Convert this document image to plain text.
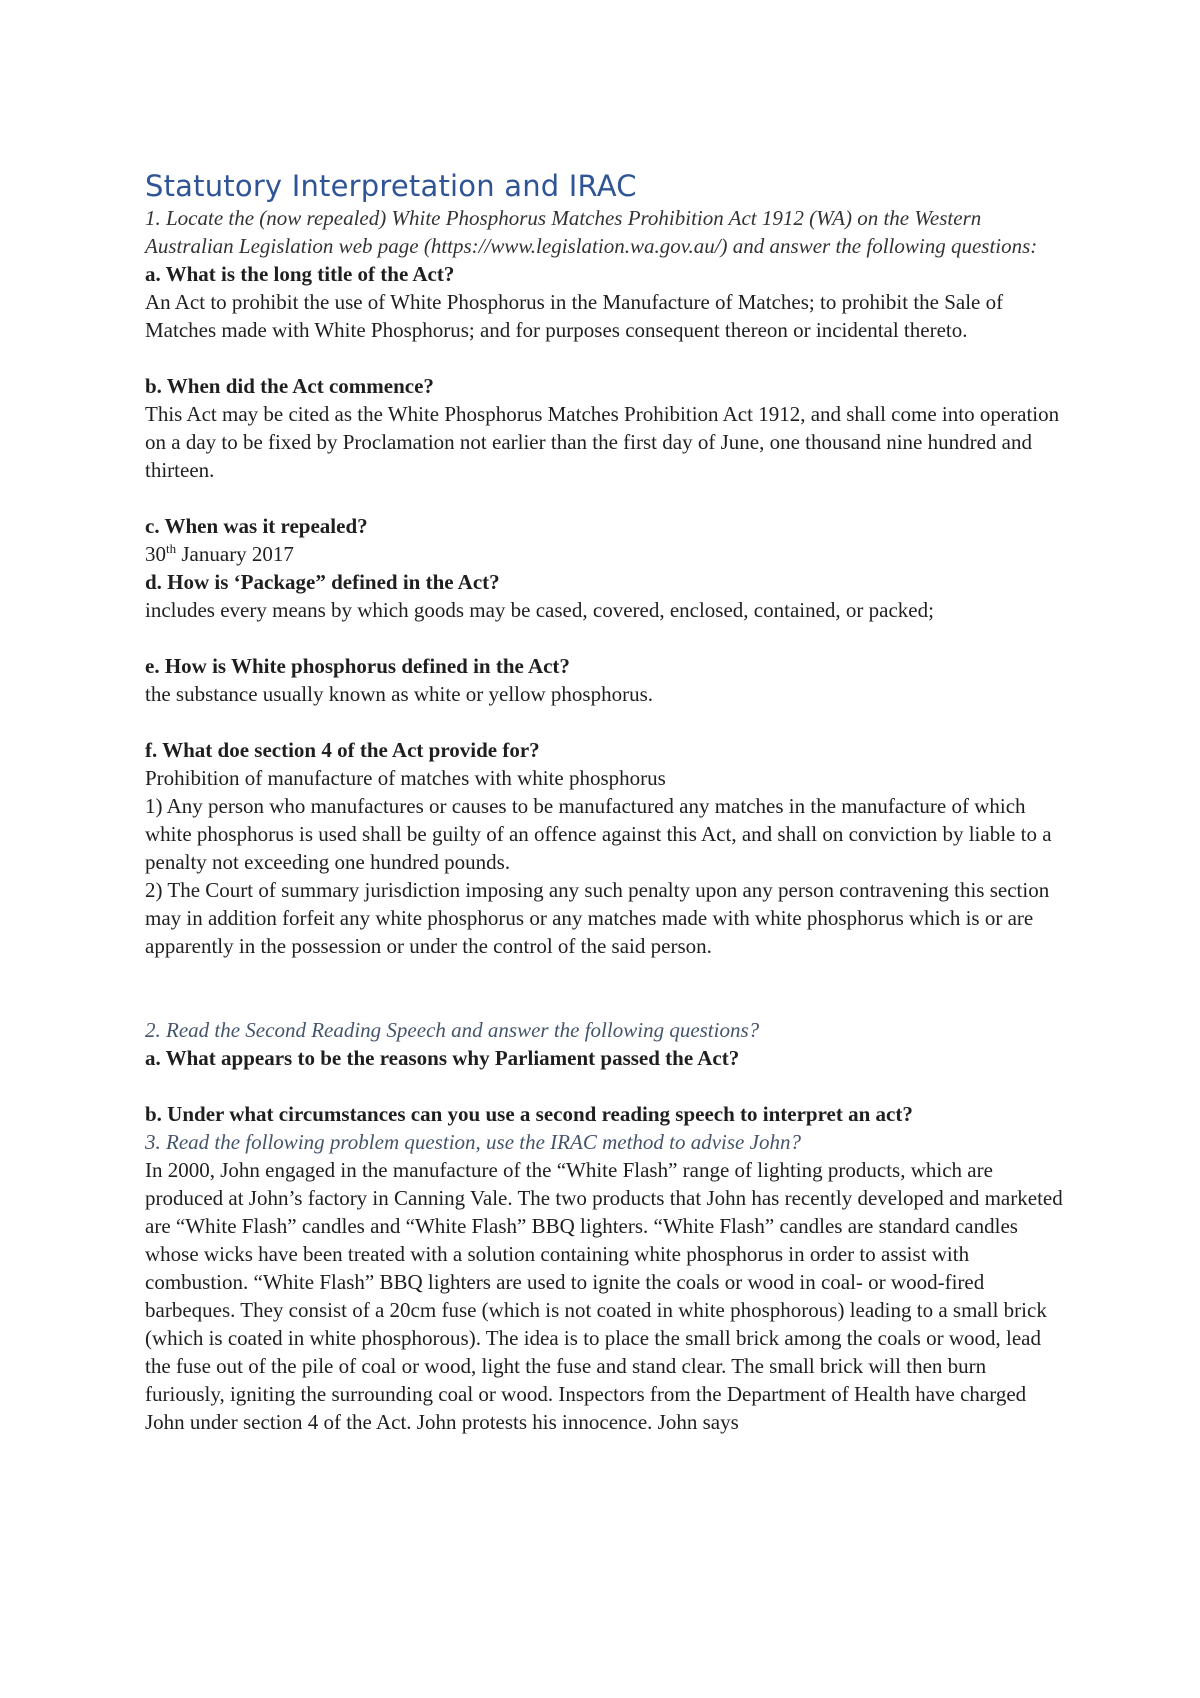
Statutory Interpretation and IRAC

1. Locate the (now repealed) White Phosphorus Matches Prohibition Act 1912 (WA) on the Western Australian Legislation web page (https://www.legislation.wa.gov.au/) and answer the following questions:

a. What is the long title of the Act?

An Act to prohibit the use of White Phosphorus in the Manufacture of Matches; to prohibit the Sale of Matches made with White Phosphorus; and for purposes consequent thereon or incidental thereto.

b. When did the Act commence?

This Act may be cited as the White Phosphorus Matches Prohibition Act 1912, and shall come into operation on a day to be fixed by Proclamation not earlier than the first day of June, one thousand nine hundred and thirteen.

c. When was it repealed?

30th January 2017

d. How is ‘Package” defined in the Act?

includes every means by which goods may be cased, covered, enclosed, contained, or packed;

e. How is White phosphorus defined in the Act?

the substance usually known as white or yellow phosphorus.

f. What doe section 4 of the Act provide for?

Prohibition of manufacture of matches with white phosphorus

1) Any person who manufactures or causes to be manufactured any matches in the manufacture of which white phosphorus is used shall be guilty of an offence against this Act, and shall on conviction by liable to a penalty not exceeding one hundred pounds.

2) The Court of summary jurisdiction imposing any such penalty upon any person contravening this section may in addition forfeit any white phosphorus or any matches made with white phosphorus which is or are apparently in the possession or under the control of the said person.

2. Read the Second Reading Speech and answer the following questions?

a. What appears to be the reasons why Parliament passed the Act?

b. Under what circumstances can you use a second reading speech to interpret an act?

3. Read the following problem question, use the IRAC method to advise John?

In 2000, John engaged in the manufacture of the “White Flash” range of lighting products, which are produced at John’s factory in Canning Vale. The two products that John has recently developed and marketed are “White Flash” candles and “White Flash” BBQ lighters. “White Flash” candles are standard candles whose wicks have been treated with a solution containing white phosphorus in order to assist with combustion. “White Flash” BBQ lighters are used to ignite the coals or wood in coal- or wood-fired barbeques. They consist of a 20cm fuse (which is not coated in white phosphorous) leading to a small brick (which is coated in white phosphorous). The idea is to place the small brick among the coals or wood, lead the fuse out of the pile of coal or wood, light the fuse and stand clear. The small brick will then burn furiously, igniting the surrounding coal or wood. Inspectors from the Department of Health have charged John under section 4 of the Act. John protests his innocence. John says
